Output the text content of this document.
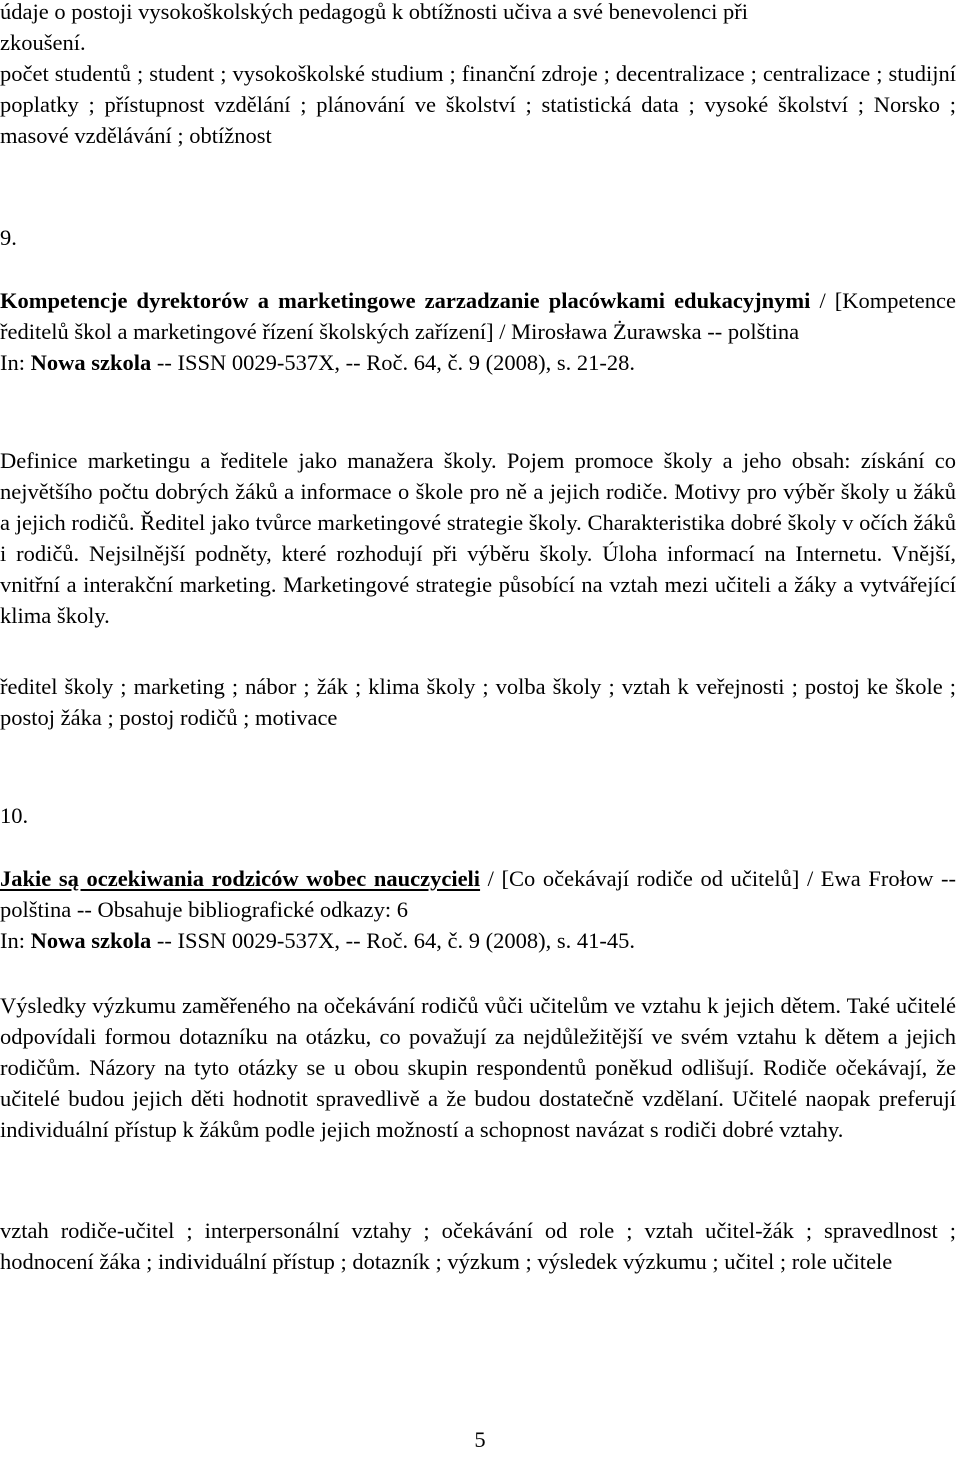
údaje o postoji vysokoškolských pedagogů k obtížnosti učiva a své benevolenci při
zkoušení.
počet studentů ; student ; vysokoškolské studium ; finanční zdroje ; decentralizace ; centralizace ; studijní poplatky ; přístupnost vzdělání ; plánování ve školství ; statistická data ; vysoké školství ; Norsko ; masové vzdělávání ; obtížnost
9.
Kompetencje dyrektorów a marketingowe zarzadzanie placówkami edukacyjnymi / [Kompetence ředitelů škol a marketingové řízení školských zařízení] / Mirosława Żurawska -- polština
In: Nowa szkola -- ISSN 0029-537X, -- Roč. 64, č. 9 (2008), s. 21-28.
Definice marketingu a ředitele jako manažera školy. Pojem promoce školy a jeho obsah: získání co největšího počtu dobrých žáků a informace o škole pro ně a jejich rodiče. Motivy pro výběr školy u žáků a jejich rodičů. Ředitel jako tvůrce marketingové strategie školy. Charakteristika dobré školy v očích žáků i rodičů. Nejsilnější podněty, které rozhodují při výběru školy. Úloha informací na Internetu. Vnější, vnitřní a interakční marketing. Marketingové strategie působící na vztah mezi učiteli a žáky a vytvářející klima školy.
ředitel školy ; marketing ; nábor ; žák ; klima školy ; volba školy ; vztah k veřejnosti ; postoj ke škole ; postoj žáka ; postoj rodičů ; motivace
10.
Jakie są oczekiwania rodziców wobec nauczycieli / [Co očekávají rodiče od učitelů] / Ewa Frołow -- polština -- Obsahuje bibliografické odkazy: 6
In: Nowa szkola -- ISSN 0029-537X, -- Roč. 64, č. 9 (2008), s. 41-45.
Výsledky výzkumu zaměřeného na očekávání rodičů vůči učitelům ve vztahu k jejich dětem. Také učitelé odpovídali formou dotazníku na otázku, co považují za nejdůležitější ve svém vztahu k dětem a jejich rodičům. Názory na tyto otázky se u obou skupin respondentů poněkud odlišují. Rodiče očekávají, že učitelé budou jejich děti hodnotit spravedlivě a že budou dostatečně vzdělaní. Učitelé naopak preferují individuální přístup k žákům podle jejich možností a schopnost navázat s rodiči dobré vztahy.
vztah rodiče-učitel ; interpersonální vztahy ; očekávání od role ; vztah učitel-žák ; spravedlnost ; hodnocení žáka ; individuální přístup ; dotazník ; výzkum ; výsledek výzkumu ; učitel ; role učitele
5
